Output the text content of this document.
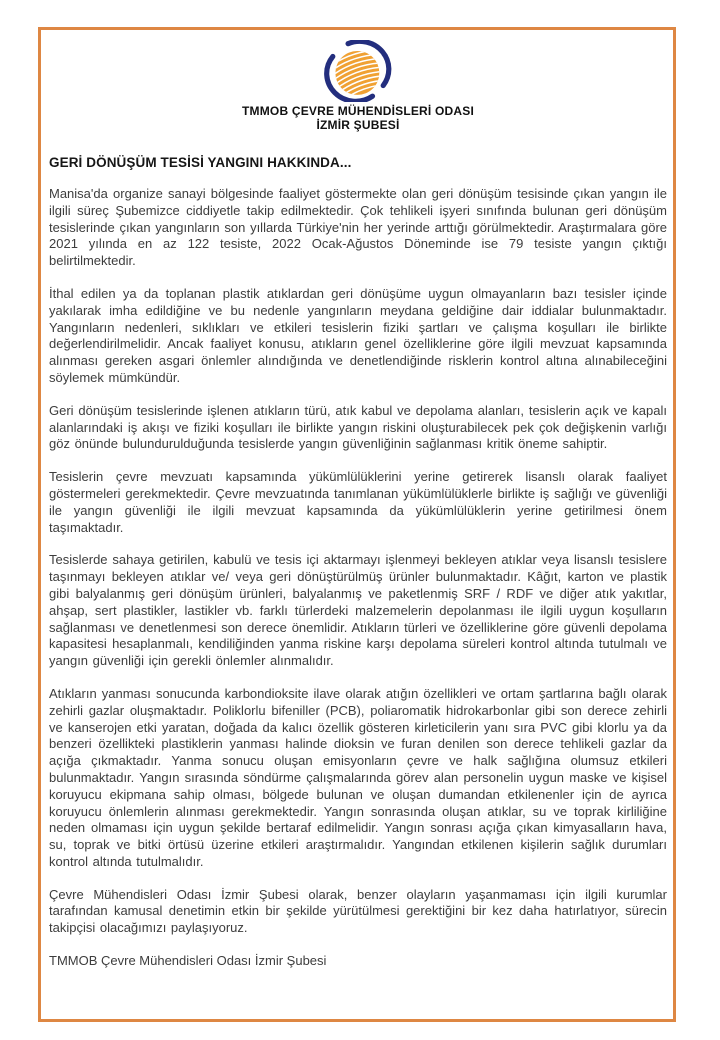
TMMOB ÇEVRE MÜHENDİSLERİ ODASI
İZMİR ŞUBESİ
GERİ DÖNÜŞÜM TESİSİ YANGINI HAKKINDA...

Manisa'da organize sanayi bölgesinde faaliyet göstermekte olan geri dönüşüm tesisinde çıkan yangın ile ilgili süreç Şubemizce ciddiyetle takip edilmektedir. Çok tehlikeli işyeri sınıfında bulunan geri dönüşüm tesislerinde çıkan yangınların son yıllarda Türkiye'nin her yerinde arttığı görülmektedir. Araştırmalara göre 2021 yılında en az 122 tesiste, 2022 Ocak-Ağustos Döneminde ise 79 tesiste yangın çıktığı belirtilmektedir.

İthal edilen ya da toplanan plastik atıklardan geri dönüşüme uygun olmayanların bazı tesisler içinde yakılarak imha edildiğine ve bu nedenle yangınların meydana geldiğine dair iddialar bulunmaktadır. Yangınların nedenleri, sıklıkları ve etkileri tesislerin fiziki şartları ve çalışma koşulları ile birlikte değerlendirilmelidir. Ancak faaliyet konusu, atıkların genel özelliklerine göre ilgili mevzuat kapsamında alınması gereken asgari önlemler alındığında ve denetlendiğinde risklerin kontrol altına alınabileceğini söylemek mümkündür.

Geri dönüşüm tesislerinde işlenen atıkların türü, atık kabul ve depolama alanları, tesislerin açık ve kapalı alanlarındaki iş akışı ve fiziki koşulları ile birlikte yangın riskini oluşturabilecek pek çok değişkenin varlığı göz önünde bulundurulduğunda tesislerde yangın güvenliğinin sağlanması kritik öneme sahiptir.

Tesislerin çevre mevzuatı kapsamında yükümlülüklerini yerine getirerek lisanslı olarak faaliyet göstermeleri gerekmektedir. Çevre mevzuatında tanımlanan yükümlülüklerle birlikte iş sağlığı ve güvenliği ile yangın güvenliği ile ilgili mevzuat kapsamında da yükümlülüklerin yerine getirilmesi önem taşımaktadır.

Tesislerde sahaya getirilen, kabulü ve tesis içi aktarmayı işlenmeyi bekleyen atıklar veya lisanslı tesislere taşınmayı bekleyen atıklar ve/ veya geri dönüştürülmüş ürünler bulunmaktadır. Kâğıt, karton ve plastik gibi balyalanmış geri dönüşüm ürünleri, balyalanmış ve paketlenmiş SRF / RDF ve diğer atık yakıtlar, ahşap, sert plastikler, lastikler vb. farklı türlerdeki malzemelerin depolanması ile ilgili uygun koşulların sağlanması ve denetlenmesi son derece önemlidir. Atıkların türleri ve özelliklerine göre güvenli depolama kapasitesi hesaplanmalı, kendiliğinden yanma riskine karşı depolama süreleri kontrol altında tutulmalı ve yangın güvenliği için gerekli önlemler alınmalıdır.

Atıkların yanması sonucunda karbondioksite ilave olarak atığın özellikleri ve ortam şartlarına bağlı olarak zehirli gazlar oluşmaktadır. Poliklorlu bifeniller (PCB), poliaromatik hidrokarbonlar gibi son derece zehirli ve kanserojen etki yaratan, doğada da kalıcı özellik gösteren kirleticilerin yanı sıra PVC gibi klorlu ya da benzeri özellikteki plastiklerin yanması halinde dioksin ve furan denilen son derece tehlikeli gazlar da açığa çıkmaktadır. Yanma sonucu oluşan emisyonların çevre ve halk sağlığına olumsuz etkileri bulunmaktadır. Yangın sırasında söndürme çalışmalarında görev alan personelin uygun maske ve kişisel koruyucu ekipmana sahip olması, bölgede bulunan ve oluşan dumandan etkilenenler için de ayrıca koruyucu önlemlerin alınması gerekmektedir. Yangın sonrasında oluşan atıklar, su ve toprak kirliliğine neden olmaması için uygun şekilde bertaraf edilmelidir. Yangın sonrası açığa çıkan kimyasalların hava, su, toprak ve bitki örtüsü üzerine etkileri araştırmalıdır. Yangından etkilenen kişilerin sağlık durumları kontrol altında tutulmalıdır.

Çevre Mühendisleri Odası İzmir Şubesi olarak, benzer olayların yaşanmaması için ilgili kurumlar tarafından kamusal denetimin etkin bir şekilde yürütülmesi gerektiğini bir kez daha hatırlatıyor, sürecin takipçisi olacağımızı paylaşıyoruz.

TMMOB Çevre Mühendisleri Odası İzmir Şubesi
